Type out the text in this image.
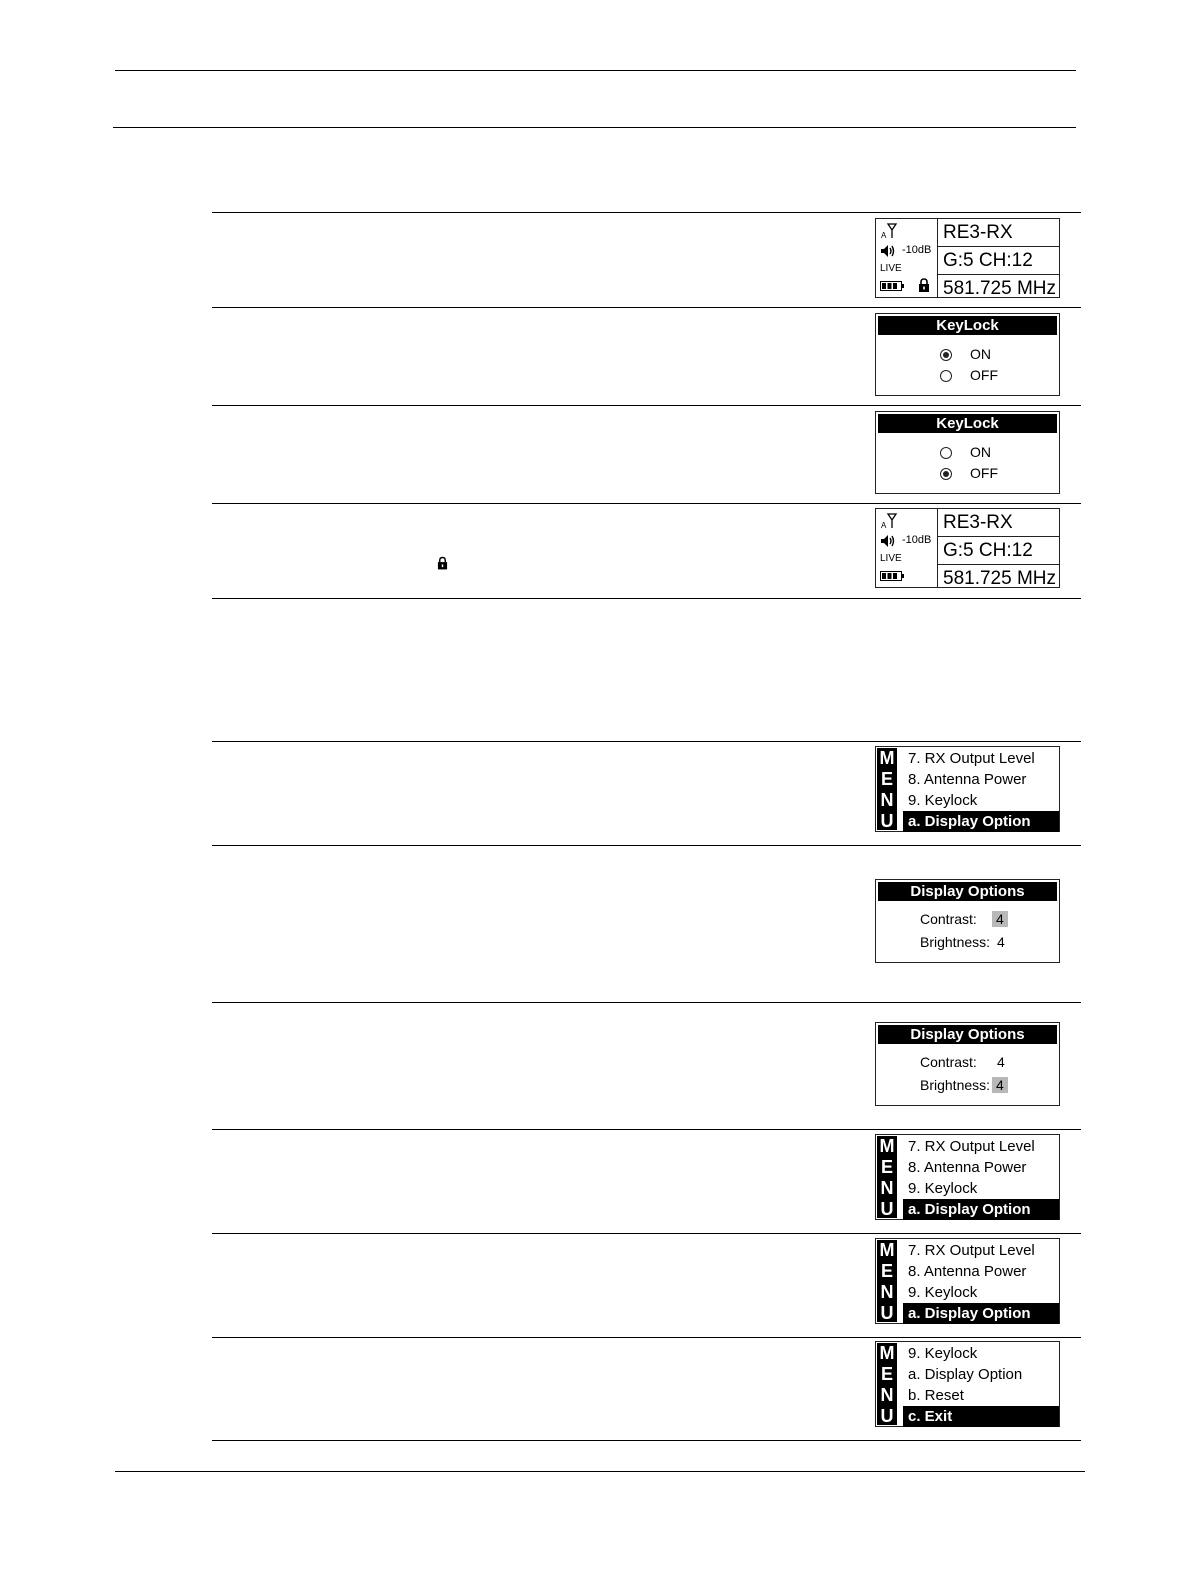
A
-10dB
LIVE
RE3-RX
G:5 CH:12
581.725 MHz
KeyLock
ON
OFF
KeyLock
ON
OFF
A
-10dB
LIVE
RE3-RX
G:5 CH:12
581.725 MHz
M
E
N
U
7. RX Output Level
8. Antenna Power
9. Keylock
a. Display Option
Display Options
Contrast: 4
Brightness: 4
Display Options
Contrast: 4
Brightness: 4
M
E
N
U
7. RX Output Level
8. Antenna Power
9. Keylock
a. Display Option
M
E
N
U
7. RX Output Level
8. Antenna Power
9. Keylock
a. Display Option
M
E
N
U
9. Keylock
a. Display Option
b. Reset
c. Exit
